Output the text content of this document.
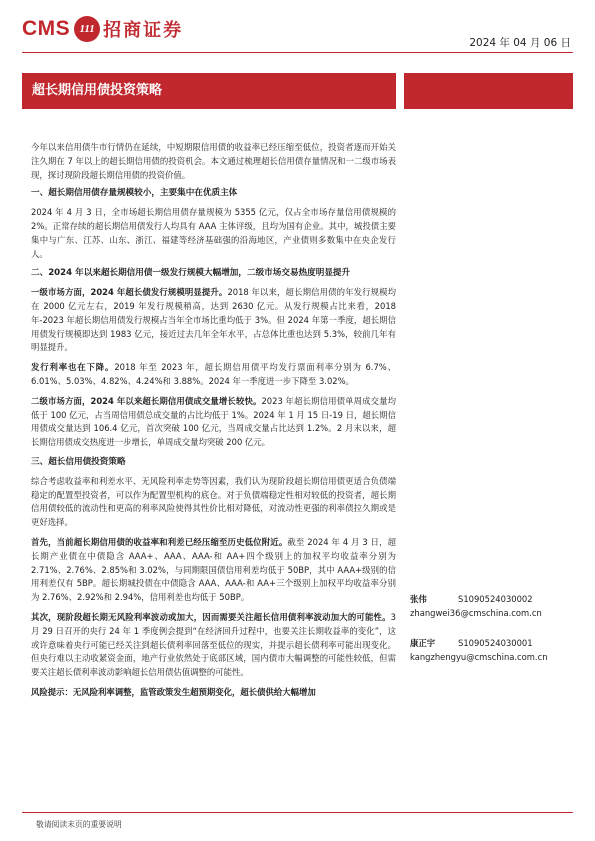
CMS 111 招商证券
2024 年 04 月 06 日
超长期信用债投资策略

今年以来信用债牛市行情仍在延续，中短期限信用债的收益率已经压缩至低位，投资者逐而开始关注久期在 7 年以上的超长期信用债的投资机会。本文通过梳理超长信用债存量情况和一二级市场表现，探讨现阶段超长期信用债的投资价值。

一、超长期信用债存量规模较小，主要集中在优质主体

2024 年 4 月 3 日，全市场超长期信用债存量规模为 5355 亿元，仅占全市场存量信用债规模的 2%。正常存续的超长期信用债发行人均具有 AAA 主体评级，且均为国有企业。其中，城投债主要集中与广东、江苏、山东、浙江、福建等经济基础强的沿海地区，产业债则多数集中在央企发行人。

二、2024 年以来超长期信用债一级发行规模大幅增加，二级市场交易热度明显提升

一级市场方面，2024 年超长债发行规模明显提升。2018 年以来，超长期信用债的年发行规模均在 2000 亿元左右，2019 年发行规模稍高，达到 2630 亿元。从发行规模占比来看，2018 年-2023 年超长期信用债发行规模占当年全市场比重均低于 3%。但 2024 年第一季度，超长期信用债发行规模即达到 1983 亿元，接近过去几年全年水平，占总体比重也达到 5.3%，较前几年有明显提升。

发行利率也在下降。2018 年至 2023 年，超长期信用债平均发行票面利率分别为 6.7%、6.01%、5.03%、4.82%、4.24%和 3.88%。2024 年一季度进一步下降至 3.02%。

二级市场方面，2024 年以来超长期信用债成交量增长较快。2023 年超长期信用债单周成交量均低于 100 亿元，占当周信用债总成交量的占比均低于 1%。2024 年 1 月 15 日-19 日，超长期信用债成交量达到 106.4 亿元，首次突破 100 亿元，当周成交量占比达到 1.2%。2 月末以来，超长期信用债成交热度进一步增长，单周成交量均突破 200 亿元。

三、超长信用债投资策略

综合考虑收益率和利差水平、无风险利率走势等因素，我们认为现阶段超长期信用债更适合负债端稳定的配置型投资者，可以作为配置型机构的底仓。对于负债端稳定性相对较低的投资者，超长期信用债较低的流动性和更高的利率风险使得其性价比相对降低，对流动性更强的利率债拉久期或是更好选择。

首先，当前超长期信用债的收益率和利差已经压缩至历史低位附近。截至 2024 年 4 月 3 日，超长期产业债在中债隐含 AAA+、AAA、AAA-和 AA+四个级别上的加权平均收益率分别为 2.71%、2.76%、2.85%和 3.02%，与同期限国债信用利差均低于 50BP，其中 AAA+级别的信用利差仅有 5BP。超长期城投债在中债隐含 AAA、AAA-和 AA+三个级别上加权平均收益率分别为 2.76%、2.92%和 2.94%，信用利差也均低于 50BP。

其次，现阶段超长期无风险利率波动或加大，因而需要关注超长信用债利率波动加大的可能性。3 月 29 日召开的央行 24 年 1 季度例会提到“在经济回升过程中，也要关注长期收益率的变化”，这或许意味着央行可能已经关注到超长债利率回落至低位的现实，并提示超长债利率可能出现变化。但央行难以主动收紧资金面，地产行业依然处于底部区域，国内债市大幅调整的可能性较低，但需要关注超长债利率波动影响超长信用债估值调整的可能性。

风险提示：无风险利率调整，监管政策发生超预期变化，超长债供给大幅增加

张伟	S1090524030002
zhangwei36@cmschina.com.cn
康正宇	S1090524030001
kangzhengyu@cmschina.com.cn
敬请阅读末页的重要说明
